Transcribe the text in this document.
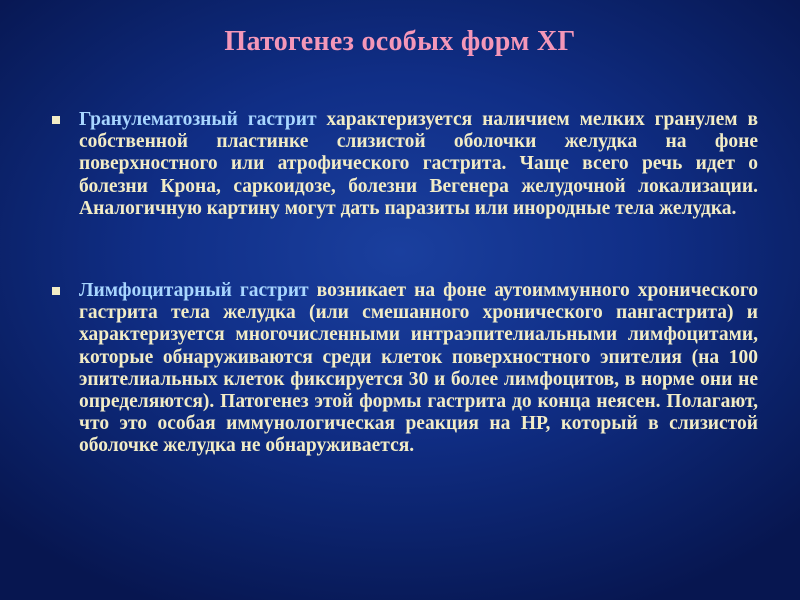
Патогенез особых форм ХГ
Гранулематозный гастрит характеризуется наличием мелких гранулем в собственной пластинке слизистой оболочки желудка на фоне поверхностного или атрофического гастрита. Чаще всего речь идет о болезни Крона, саркоидозе, болезни Вегенера желудочной локализации. Аналогичную картину могут дать паразиты или инородные тела желудка.
Лимфоцитарный гастрит возникает на фоне аутоиммунного хронического гастрита тела желудка (или смешанного хронического пангастрита) и характеризуется многочисленными интраэпителиальными лимфоцитами, которые обнаруживаются среди клеток поверхностного эпителия (на 100 эпителиальных клеток фиксируется 30 и более лимфоцитов, в норме они не определяются). Патогенез этой формы гастрита до конца неясен. Полагают, что это особая иммунологическая реакция на НР, который в слизистой оболочке желудка не обнаруживается.
